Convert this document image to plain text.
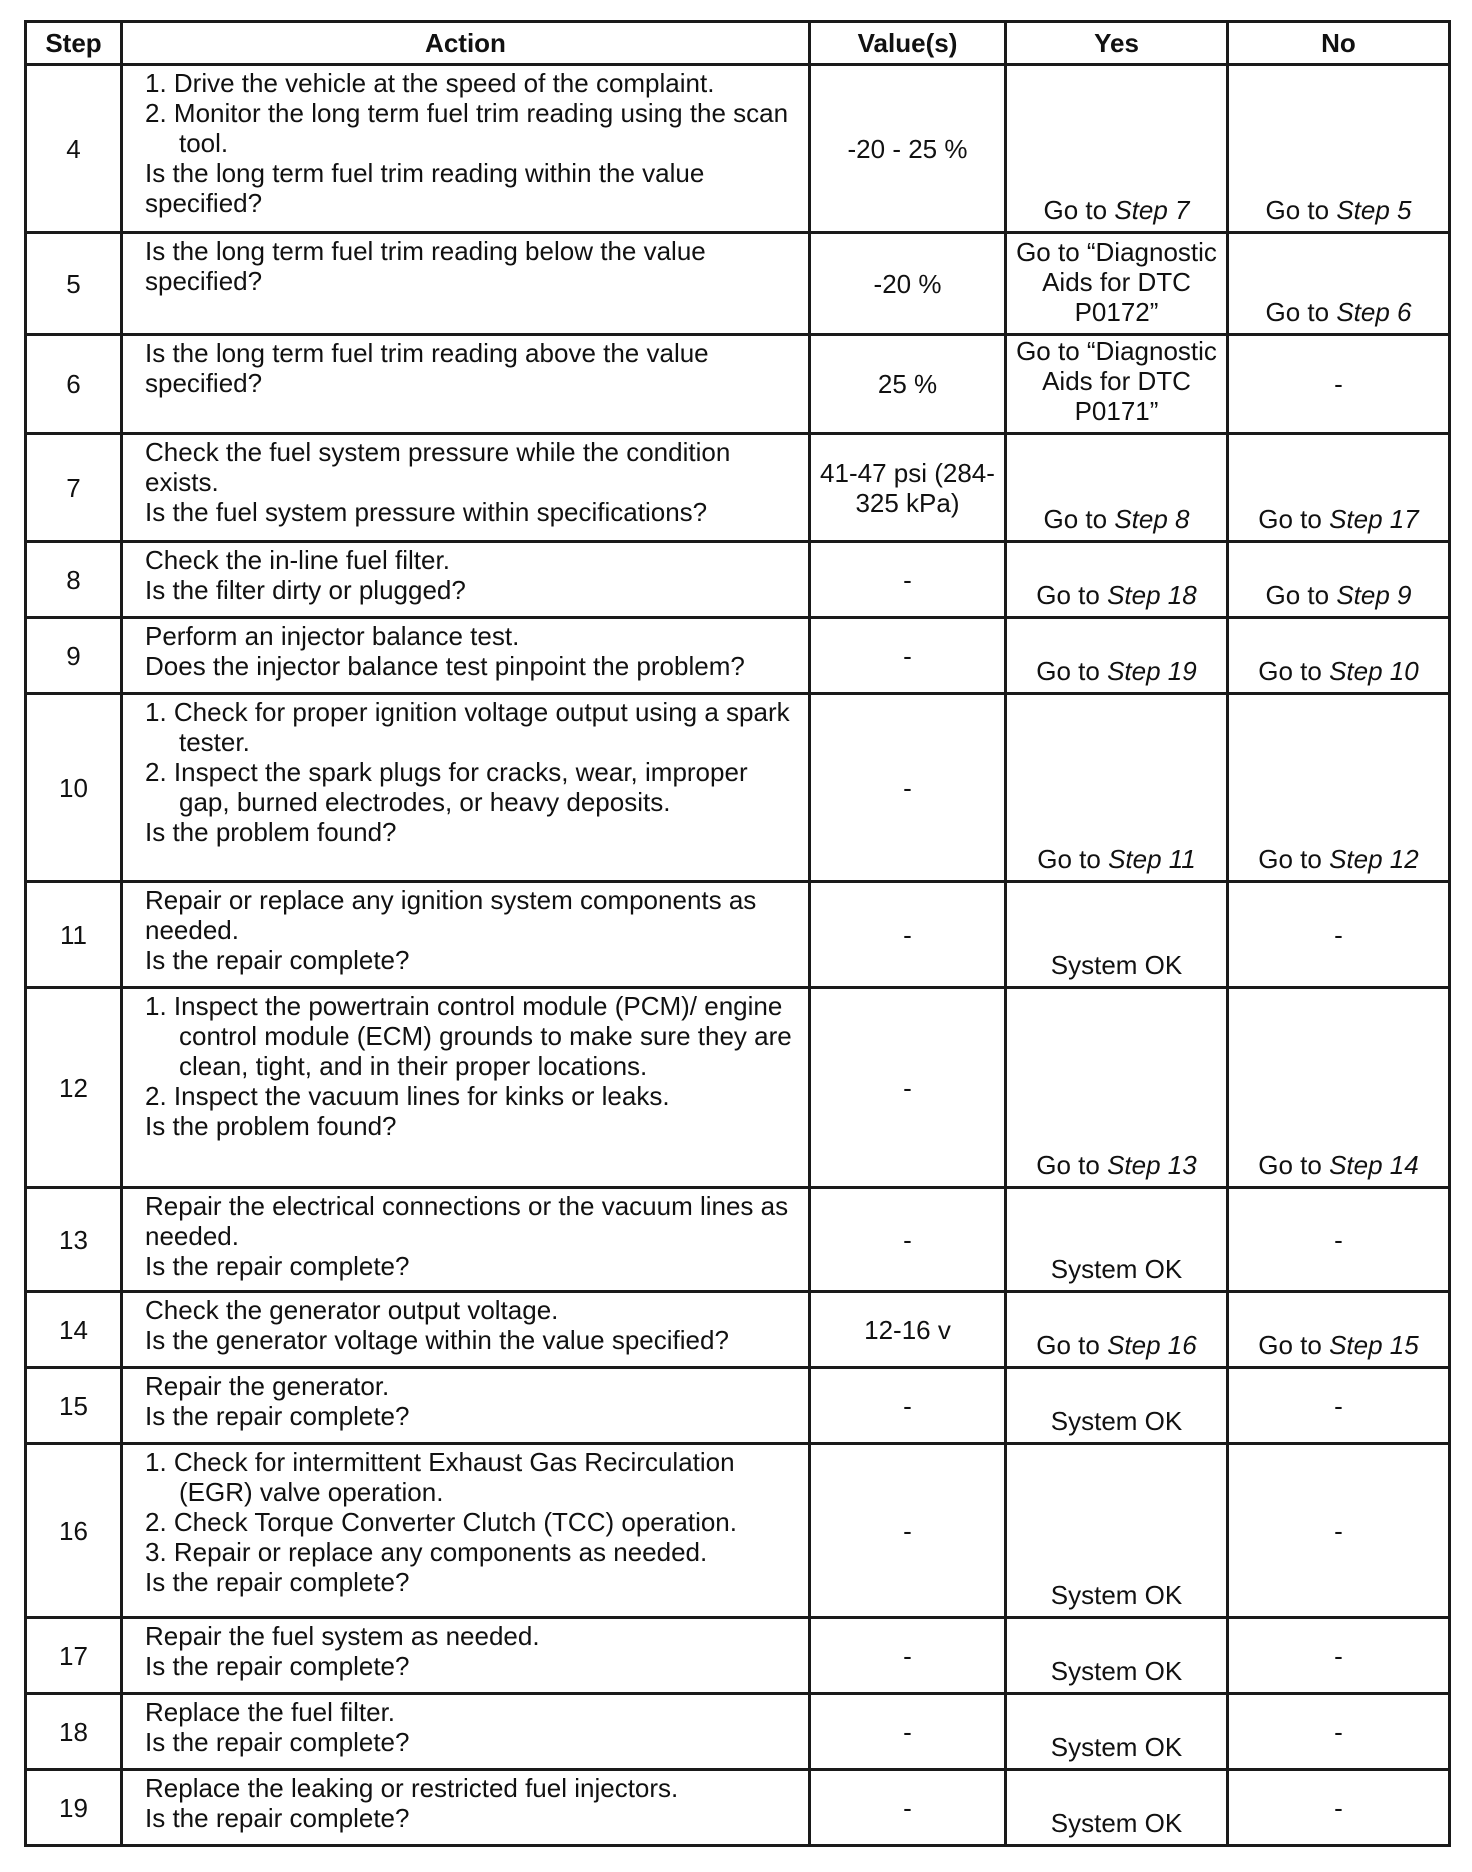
Step	Action	Value(s)	Yes	No
4	1. Drive the vehicle at the speed of the complaint.
2. Monitor the long term fuel trim reading using the scan tool.
Is the long term fuel trim reading within the value specified?	-20 - 25 %	Go to Step 7	Go to Step 5
5	Is the long term fuel trim reading below the value specified?	-20 %	Go to “Diagnostic Aids for DTC P0172”	Go to Step 6
6	Is the long term fuel trim reading above the value specified?	25 %	Go to “Diagnostic Aids for DTC P0171”	-
7	Check the fuel system pressure while the condition exists.
Is the fuel system pressure within specifications?	41-47 psi (284-325 kPa)	Go to Step 8	Go to Step 17
8	Check the in-line fuel filter.
Is the filter dirty or plugged?	-	Go to Step 18	Go to Step 9
9	Perform an injector balance test.
Does the injector balance test pinpoint the problem?	-	Go to Step 19	Go to Step 10
10	1. Check for proper ignition voltage output using a spark tester.
2. Inspect the spark plugs for cracks, wear, improper gap, burned electrodes, or heavy deposits.
Is the problem found?	-	Go to Step 11	Go to Step 12
11	Repair or replace any ignition system components as needed.
Is the repair complete?	-	System OK	-
12	1. Inspect the powertrain control module (PCM)/ engine control module (ECM) grounds to make sure they are clean, tight, and in their proper locations.
2. Inspect the vacuum lines for kinks or leaks.
Is the problem found?	-	Go to Step 13	Go to Step 14
13	Repair the electrical connections or the vacuum lines as needed.
Is the repair complete?	-	System OK	-
14	Check the generator output voltage.
Is the generator voltage within the value specified?	12-16 v	Go to Step 16	Go to Step 15
15	Repair the generator.
Is the repair complete?	-	System OK	-
16	1. Check for intermittent Exhaust Gas Recirculation (EGR) valve operation.
2. Check Torque Converter Clutch (TCC) operation.
3. Repair or replace any components as needed.
Is the repair complete?	-	System OK	-
17	Repair the fuel system as needed.
Is the repair complete?	-	System OK	-
18	Replace the fuel filter.
Is the repair complete?	-	System OK	-
19	Replace the leaking or restricted fuel injectors.
Is the repair complete?	-	System OK	-
